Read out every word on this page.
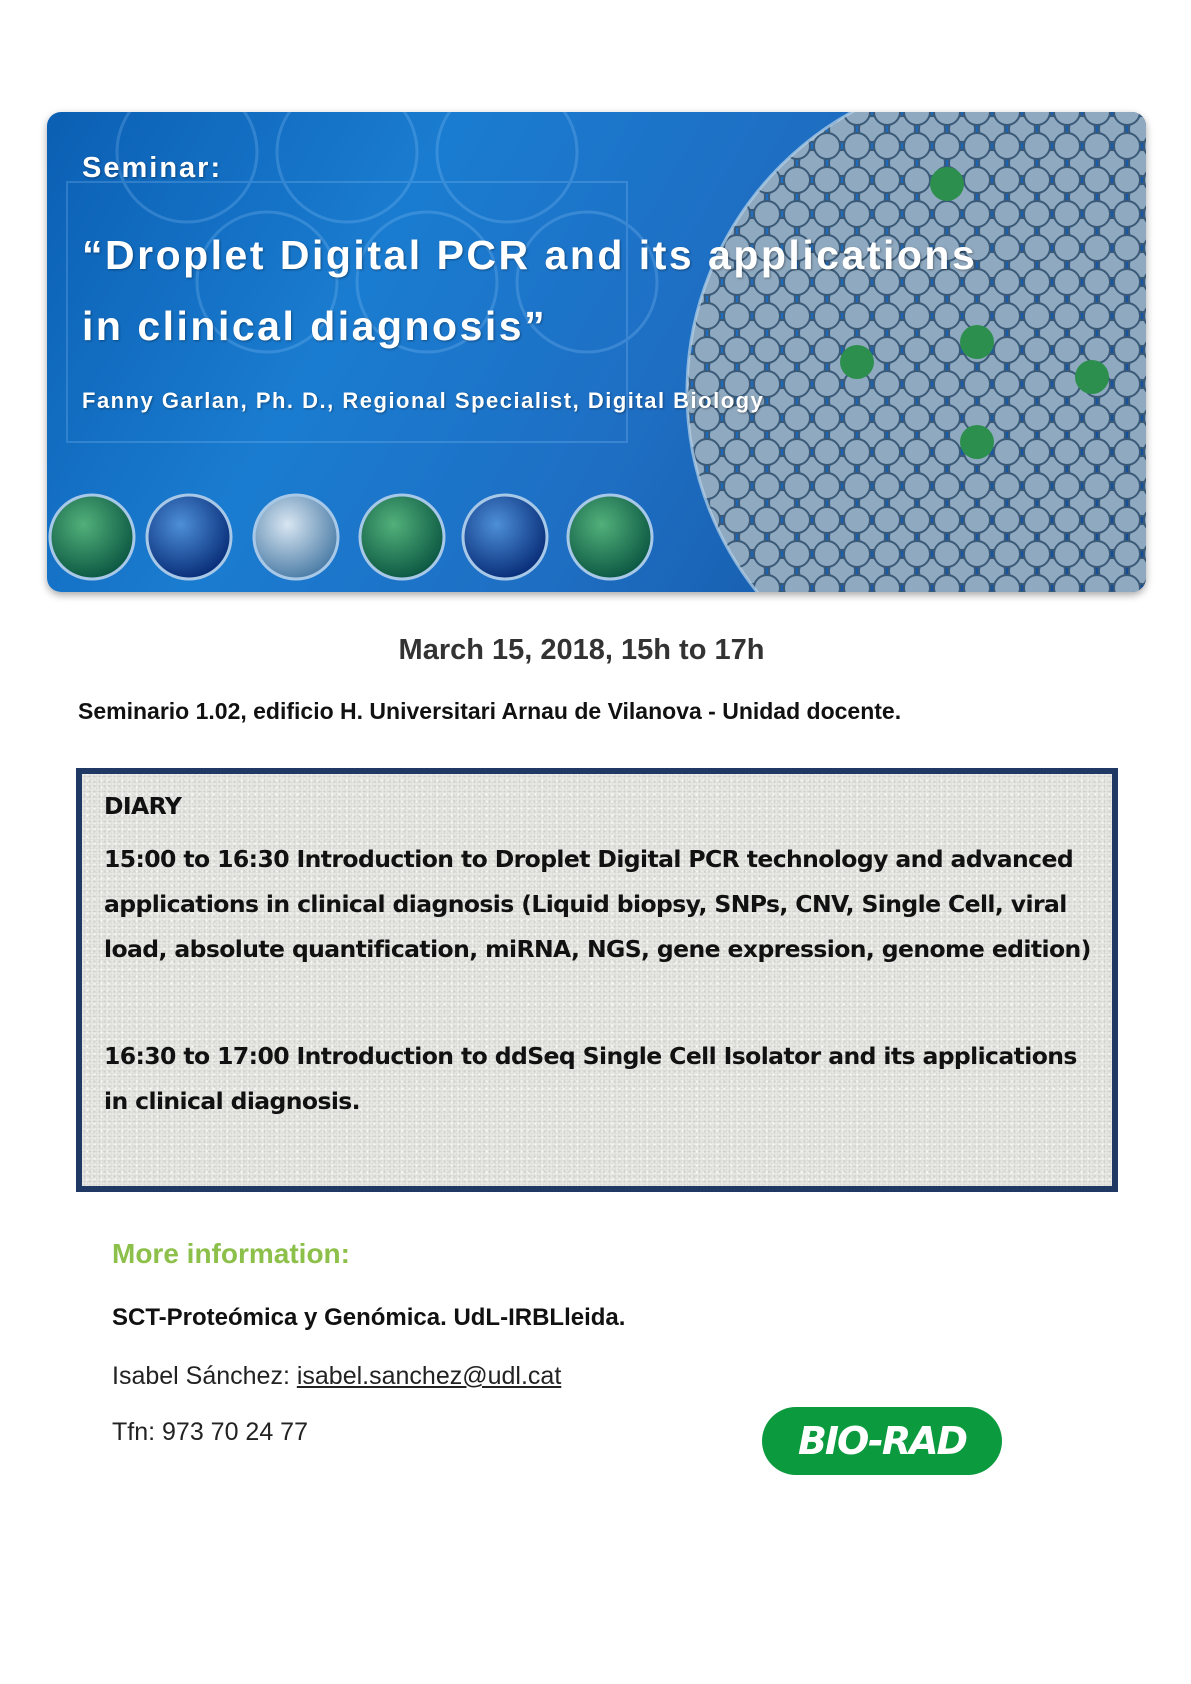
Seminar:
“Droplet Digital PCR and its applications
in clinical diagnosis”
Fanny Garlan, Ph. D., Regional Specialist, Digital Biology
March 15, 2018, 15h to 17h
Seminario 1.02, edificio H. Universitari Arnau de Vilanova - Unidad docente.
DIARY
15:00 to 16:30 Introduction to Droplet Digital PCR technology and advanced applications in clinical diagnosis (Liquid biopsy, SNPs, CNV, Single Cell, viral load, absolute quantification, miRNA, NGS, gene expression, genome edition)
16:30 to 17:00 Introduction to ddSeq Single Cell Isolator and its applications in clinical diagnosis.
More information:
SCT-Proteómica y Genómica. UdL-IRBLleida.
Isabel Sánchez: isabel.sanchez@udl.cat
Tfn: 973 70 24 77	BIO-RAD
